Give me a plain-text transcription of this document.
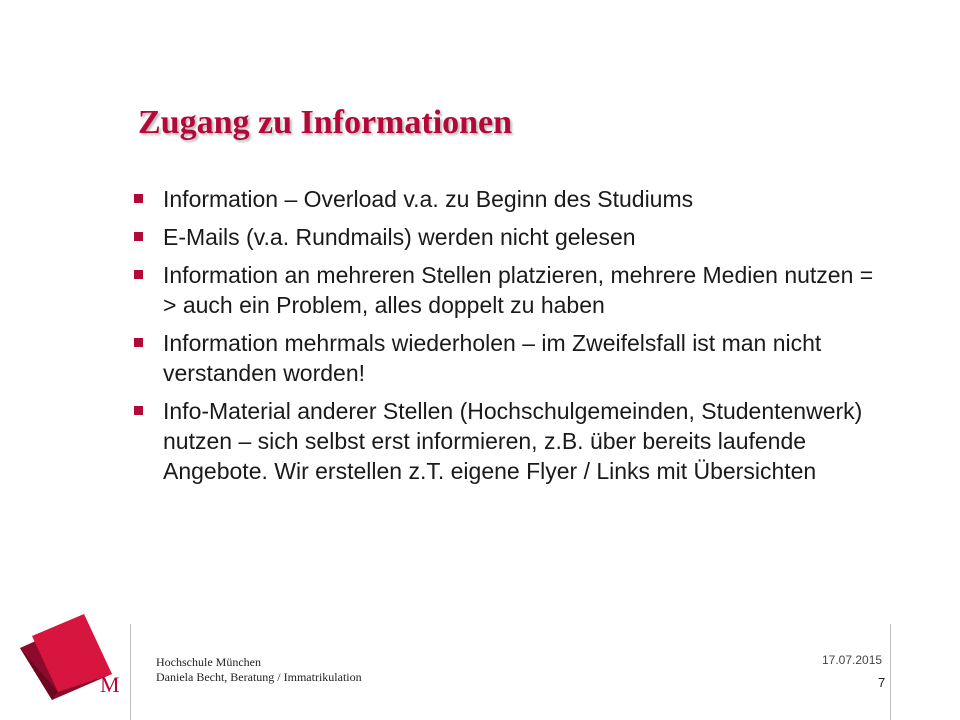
Zugang zu Informationen
Information – Overload v.a. zu Beginn des Studiums
E-Mails (v.a. Rundmails) werden nicht gelesen
Information an mehreren Stellen platzieren, mehrere Medien nutzen = > auch ein Problem, alles doppelt zu haben
Information mehrmals wiederholen – im Zweifelsfall ist man nicht verstanden worden!
Info-Material anderer Stellen (Hochschulgemeinden, Studentenwerk) nutzen – sich selbst erst informieren, z.B. über bereits laufende Angebote. Wir erstellen z.T. eigene Flyer / Links mit Übersichten
M
Hochschule München
Daniela Becht, Beratung / Immatrikulation
17.07.2015
7
